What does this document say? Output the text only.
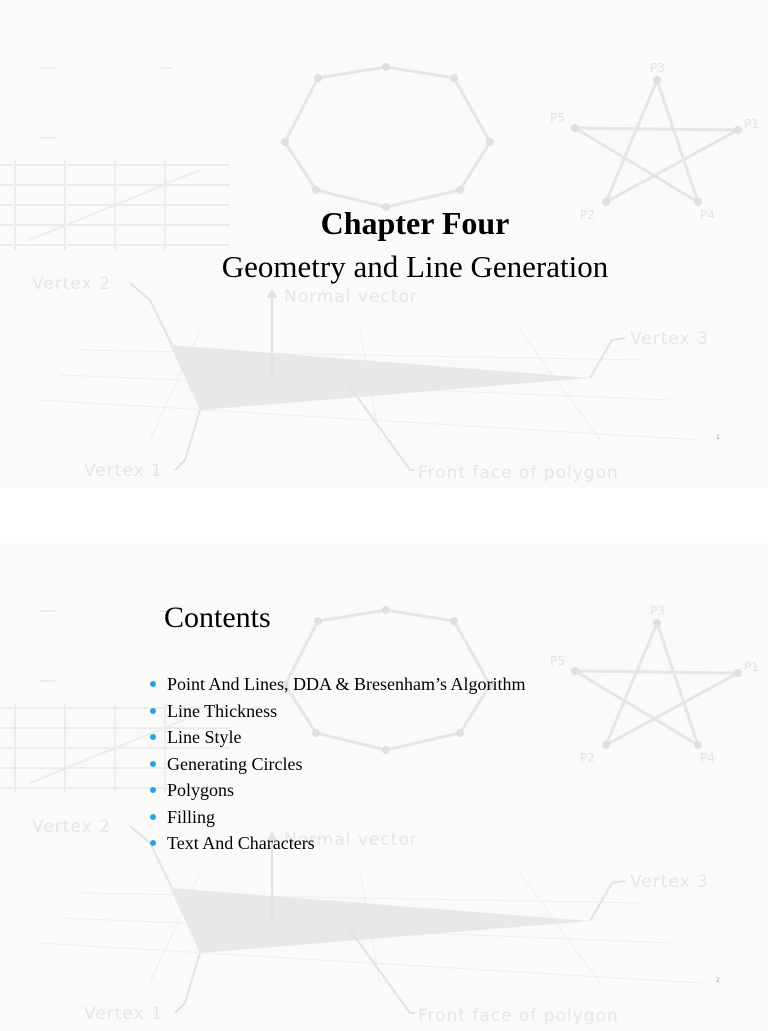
P3
P5	P1
P2	P4
Vertex 2
Normal vector
Vertex 3
Vertex 1	Front face of polygon
Chapter Four
Geometry and Line Generation
1
P3
P5	P1
P2	P4
Vertex 2
Normal vector
Vertex 3
Vertex 1	Front face of polygon
Contents
Point And Lines, DDA & Bresenham’s Algorithm
Line Thickness
Line Style
Generating Circles
Polygons
Filling
Text And Characters
2
